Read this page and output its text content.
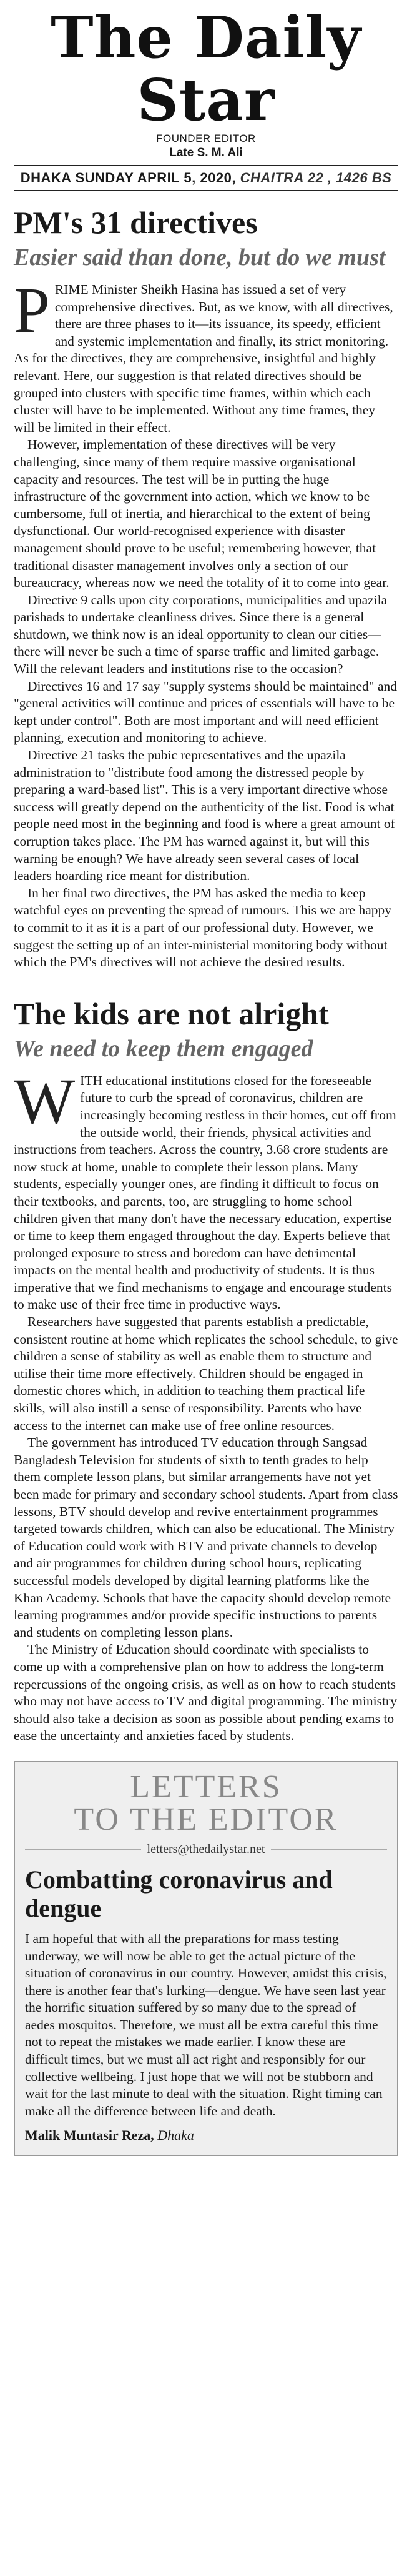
The Daily Star
FOUNDER EDITOR
Late S. M. Ali
DHAKA SUNDAY APRIL 5, 2020, CHAITRA 22 , 1426 BS
PM's 31 directives
Easier said than done, but do we must

PRIME Minister Sheikh Hasina has issued a set of very comprehensive directives. But, as we know, with all directives, there are three phases to it—its issuance, its speedy, efficient and systemic implementation and finally, its strict monitoring. As for the directives, they are comprehensive, insightful and highly relevant. Here, our suggestion is that related directives should be grouped into clusters with specific time frames, within which each cluster will have to be implemented. Without any time frames, they will be limited in their effect.

However, implementation of these directives will be very challenging, since many of them require massive organisational capacity and resources. The test will be in putting the huge infrastructure of the government into action, which we know to be cumbersome, full of inertia, and hierarchical to the extent of being dysfunctional. Our world-recognised experience with disaster management should prove to be useful; remembering however, that traditional disaster management involves only a section of our bureaucracy, whereas now we need the totality of it to come into gear.

Directive 9 calls upon city corporations, municipalities and upazila parishads to undertake cleanliness drives. Since there is a general shutdown, we think now is an ideal opportunity to clean our cities—there will never be such a time of sparse traffic and limited garbage. Will the relevant leaders and institutions rise to the occasion?

Directives 16 and 17 say "supply systems should be maintained" and "general activities will continue and prices of essentials will have to be kept under control". Both are most important and will need efficient planning, execution and monitoring to achieve.

Directive 21 tasks the pubic representatives and the upazila administration to "distribute food among the distressed people by preparing a ward-based list". This is a very important directive whose success will greatly depend on the authenticity of the list. Food is what people need most in the beginning and food is where a great amount of corruption takes place. The PM has warned against it, but will this warning be enough? We have already seen several cases of local leaders hoarding rice meant for distribution.

In her final two directives, the PM has asked the media to keep watchful eyes on preventing the spread of rumours. This we are happy to commit to it as it is a part of our professional duty. However, we suggest the setting up of an inter-ministerial monitoring body without which the PM's directives will not achieve the desired results.

The kids are not alright
We need to keep them engaged

WITH educational institutions closed for the foreseeable future to curb the spread of coronavirus, children are increasingly becoming restless in their homes, cut off from the outside world, their friends, physical activities and instructions from teachers. Across the country, 3.68 crore students are now stuck at home, unable to complete their lesson plans. Many students, especially younger ones, are finding it difficult to focus on their textbooks, and parents, too, are struggling to home school children given that many don't have the necessary education, expertise or time to keep them engaged throughout the day. Experts believe that prolonged exposure to stress and boredom can have detrimental impacts on the mental health and productivity of students. It is thus imperative that we find mechanisms to engage and encourage students to make use of their free time in productive ways.

Researchers have suggested that parents establish a predictable, consistent routine at home which replicates the school schedule, to give children a sense of stability as well as enable them to structure and utilise their time more effectively. Children should be engaged in domestic chores which, in addition to teaching them practical life skills, will also instill a sense of responsibility. Parents who have access to the internet can make use of free online resources.

The government has introduced TV education through Sangsad Bangladesh Television for students of sixth to tenth grades to help them complete lesson plans, but similar arrangements have not yet been made for primary and secondary school students. Apart from class lessons, BTV should develop and revive entertainment programmes targeted towards children, which can also be educational. The Ministry of Education could work with BTV and private channels to develop and air programmes for children during school hours, replicating successful models developed by digital learning platforms like the Khan Academy. Schools that have the capacity should develop remote learning programmes and/or provide specific instructions to parents and students on completing lesson plans.

The Ministry of Education should coordinate with specialists to come up with a comprehensive plan on how to address the long-term repercussions of the ongoing crisis, as well as on how to reach students who may not have access to TV and digital programming. The ministry should also take a decision as soon as possible about pending exams to ease the uncertainty and anxieties faced by students.

LETTERS
TO THE EDITOR
letters@thedailystar.net
Combatting coronavirus and dengue

I am hopeful that with all the preparations for mass testing underway, we will now be able to get the actual picture of the situation of coronavirus in our country. However, amidst this crisis, there is another fear that's lurking—dengue. We have seen last year the horrific situation suffered by so many due to the spread of aedes mosquitos. Therefore, we must all be extra careful this time not to repeat the mistakes we made earlier. I know these are difficult times, but we must all act right and responsibly for our collective wellbeing. I just hope that we will not be stubborn and wait for the last minute to deal with the situation. Right timing can make all the difference between life and death.

Malik Muntasir Reza, Dhaka
